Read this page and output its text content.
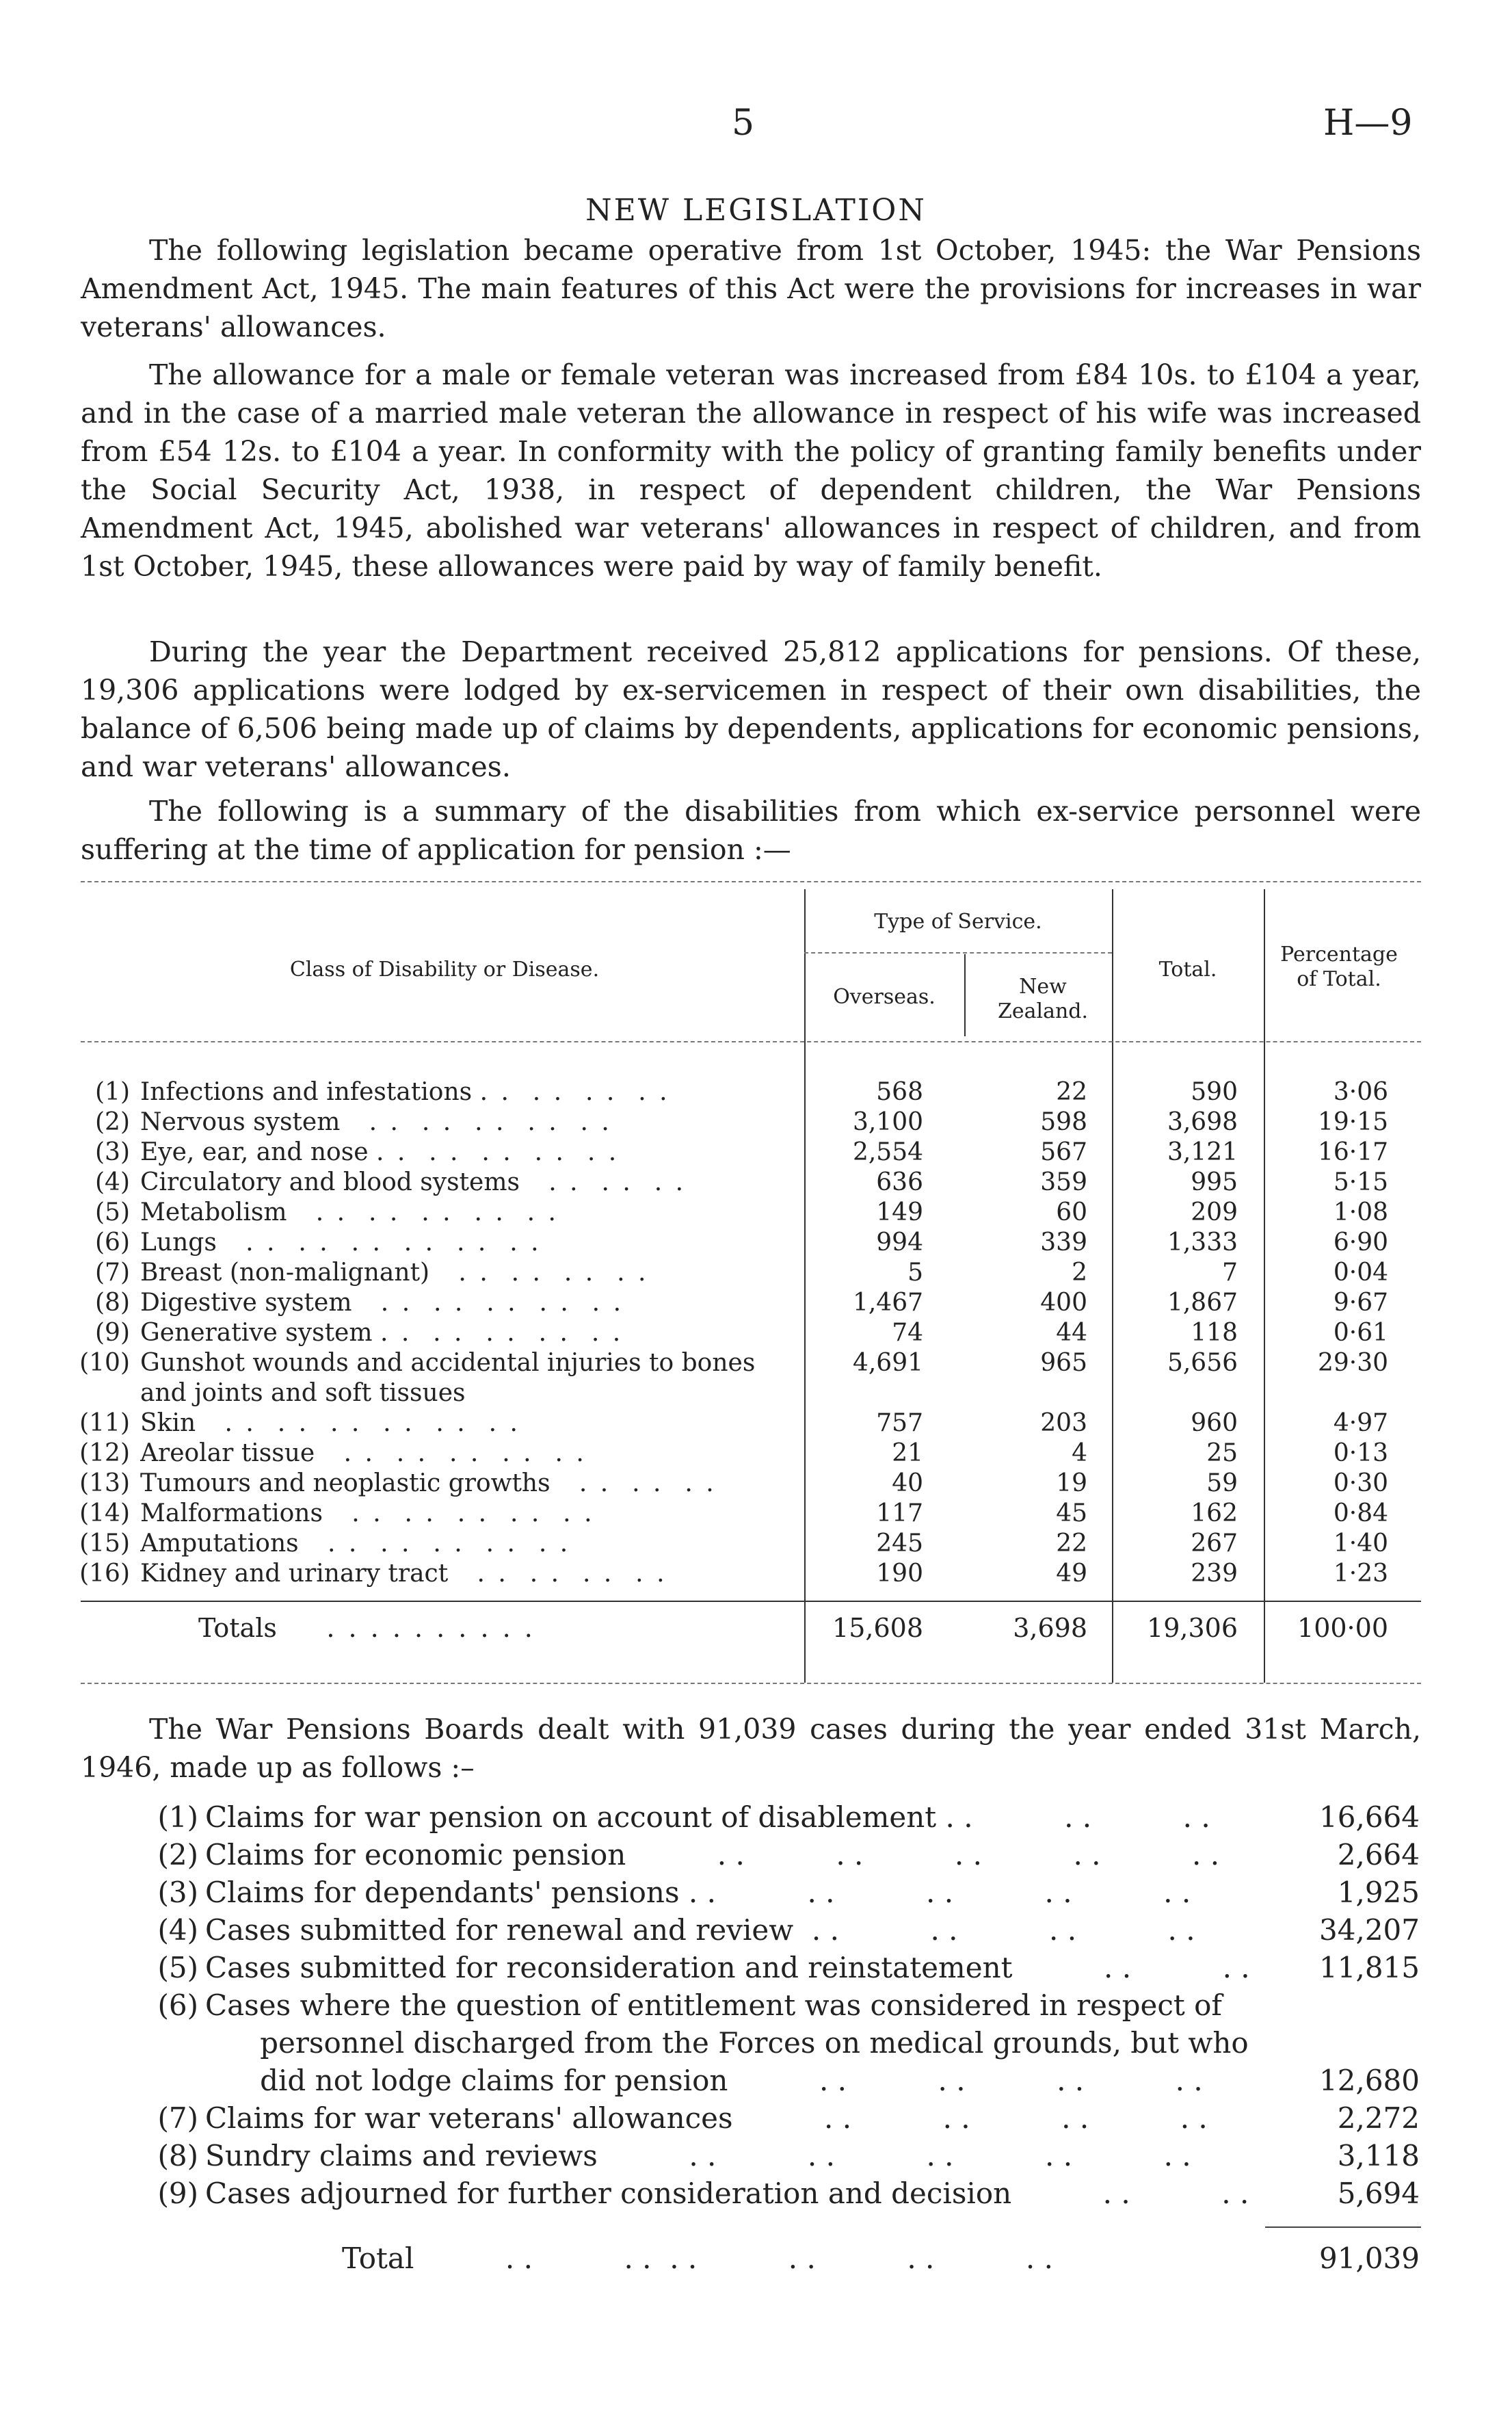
5	H—9
NEW LEGISLATION

The following legislation became operative from 1st October, 1945: the War Pensions Amendment Act, 1945. The main features of this Act were the provisions for increases in war veterans' allowances.

The allowance for a male or female veteran was increased from £84 10s. to £104 a year, and in the case of a married male veteran the allowance in respect of his wife was increased from £54 12s. to £104 a year. In conformity with the policy of granting family benefits under the Social Security Act, 1938, in respect of dependent children, the War Pensions Amendment Act, 1945, abolished war veterans' allowances in respect of children, and from 1st October, 1945, these allowances were paid by way of family benefit.

During the year the Department received 25,812 applications for pensions. Of these, 19,306 applications were lodged by ex-servicemen in respect of their own disabilities, the balance of 6,506 being made up of claims by dependents, applications for economic pensions, and war veterans' allowances.

The following is a summary of the disabilities from which ex-service personnel were suffering at the time of application for pension :—

Class of Disability or Disease.
Type of Service.
Overseas.	New Zealand.
Total.
Percentage of Total.
(1) Infections and infestations . .  . .  . .  . .	568	22	590	3·06
(2) Nervous system   . .  . .  . .  . .  . .	3,100	598	3,698	19·15
(3) Eye, ear, and nose . .  . .  . .  . .  . .	2,554	567	3,121	16·17
(4) Circulatory and blood systems   . .  . .  . .	636	359	995	5·15
(5) Metabolism   . .  . .  . .  . .  . .	149	60	209	1·08
(6) Lungs   . .  . .  . .  . .  . .  . .	994	339	1,333	6·90
(7) Breast (non-malignant)   . .  . .  . .  . .	5	2	7	0·04
(8) Digestive system   . .  . .  . .  . .  . .	1,467	400	1,867	9·67
(9) Generative system . .  . .  . .  . .  . .	74	44	118	0·61
(10) Gunshot wounds and accidental injuries to bones and joints and soft tissues
4,691	965	5,656	29·30
(11) Skin   . .  . .  . .  . .  . .  . .	757	203	960	4·97
(12) Areolar tissue   . .  . .  . .  . .  . .	21	4	25	0·13
(13) Tumours and neoplastic growths   . .  . .  . .	40	19	59	0·30
(14) Malformations   . .  . .  . .  . .  . .	117	45	162	0·84
(15) Amputations   . .  . .  . .  . .  . .	245	22	267	1·40
(16) Kidney and urinary tract   . .  . .  . .  . .	190	49	239	1·23
Totals . . . . . . . . . .	15,608	3,698	19,306	100·00

The War Pensions Boards dealt with 91,039 cases during the year ended 31st March, 1946, made up as follows :–

(1) Claims for war pension on account of disablement . .          . .          . .	16,664
(2) Claims for economic pension          . .          . .          . .          . .          . .	2,664
(3) Claims for dependants' pensions . .          . .          . .          . .          . .	1,925
(4) Cases submitted for renewal and review  . .          . .          . .          . .	34,207
(5) Cases submitted for reconsideration and reinstatement          . .          . .	11,815
(6) Cases where the question of entitlement was considered in respect of
personnel discharged from the Forces on medical grounds, but who
did not lodge claims for pension          . .          . .          . .          . .	12,680
(7) Claims for war veterans' allowances          . .          . .          . .          . .	2,272
(8) Sundry claims and reviews          . .          . .          . .          . .          . .	3,118
(9) Cases adjourned for further consideration and decision          . .          . .	5,694
Total	. .          . .  . .          . .          . .          . .	91,039
